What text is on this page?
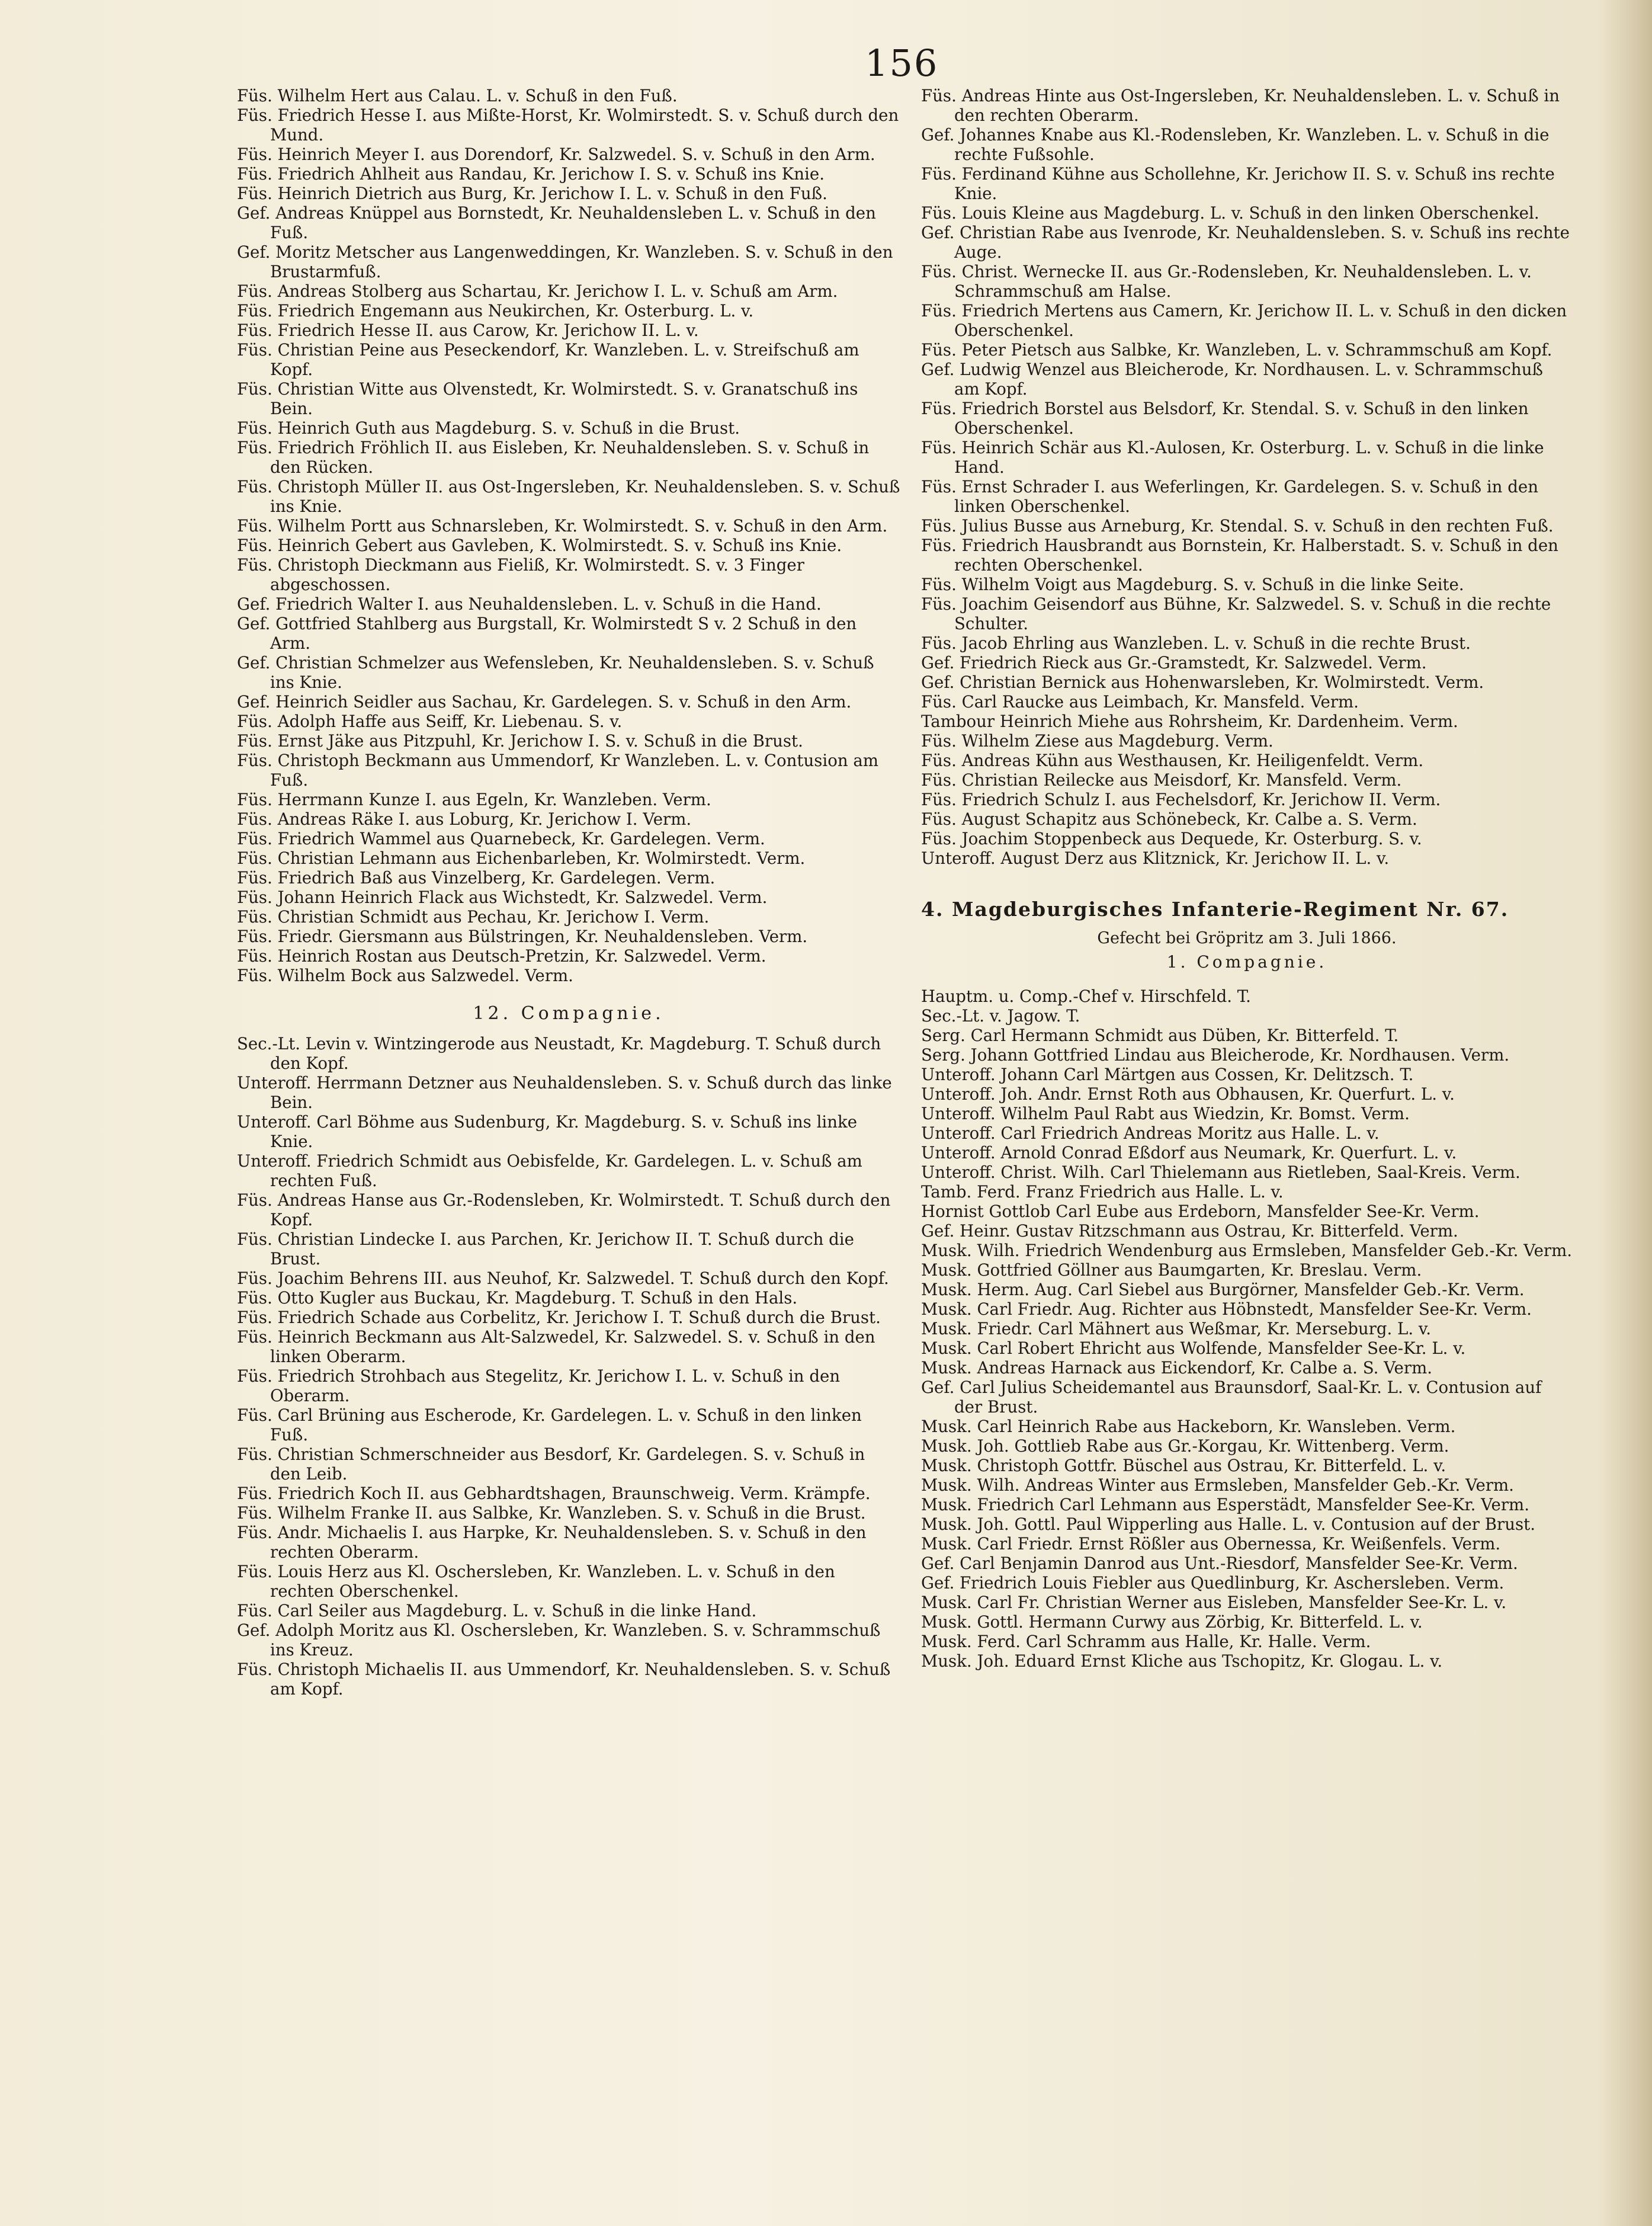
156

Füs. Wilhelm Hert aus Calau. L. v. Schuß in den Fuß.

Füs. Friedrich Hesse I. aus Mißte-Horst, Kr. Wolmirstedt. S. v. Schuß durch den Mund.

Füs. Heinrich Meyer I. aus Dorendorf, Kr. Salzwedel. S. v. Schuß in den Arm.

Füs. Friedrich Ahlheit aus Randau, Kr. Jerichow I. S. v. Schuß ins Knie.

Füs. Heinrich Dietrich aus Burg, Kr. Jerichow I. L. v. Schuß in den Fuß.

Gef. Andreas Knüppel aus Bornstedt, Kr. Neuhaldensleben L. v. Schuß in den Fuß.

Gef. Moritz Metscher aus Langenweddingen, Kr. Wanzleben. S. v. Schuß in den Brustarmfuß.

Füs. Andreas Stolberg aus Schartau, Kr. Jerichow I. L. v. Schuß am Arm.

Füs. Friedrich Engemann aus Neukirchen, Kr. Osterburg. L. v.

Füs. Friedrich Hesse II. aus Carow, Kr. Jerichow II. L. v.

Füs. Christian Peine aus Peseckendorf, Kr. Wanzleben. L. v. Streifschuß am Kopf.

Füs. Christian Witte aus Olvenstedt, Kr. Wolmirstedt. S. v. Granatschuß ins Bein.

Füs. Heinrich Guth aus Magdeburg. S. v. Schuß in die Brust.

Füs. Friedrich Fröhlich II. aus Eisleben, Kr. Neuhaldensleben. S. v. Schuß in den Rücken.

Füs. Christoph Müller II. aus Ost-Ingersleben, Kr. Neuhaldensleben. S. v. Schuß ins Knie.

Füs. Wilhelm Portt aus Schnarsleben, Kr. Wolmirstedt. S. v. Schuß in den Arm.

Füs. Heinrich Gebert aus Gavleben, K. Wolmirstedt. S. v. Schuß ins Knie.

Füs. Christoph Dieckmann aus Fieliß, Kr. Wolmirstedt. S. v. 3 Finger abgeschossen.

Gef. Friedrich Walter I. aus Neuhaldensleben. L. v. Schuß in die Hand.

Gef. Gottfried Stahlberg aus Burgstall, Kr. Wolmirstedt S v. 2 Schuß in den Arm.

Gef. Christian Schmelzer aus Wefensleben, Kr. Neuhaldensleben. S. v. Schuß ins Knie.

Gef. Heinrich Seidler aus Sachau, Kr. Gardelegen. S. v. Schuß in den Arm.

Füs. Adolph Haffe aus Seiff, Kr. Liebenau. S. v.

Füs. Ernst Jäke aus Pitzpuhl, Kr. Jerichow I. S. v. Schuß in die Brust.

Füs. Christoph Beckmann aus Ummendorf, Kr Wanzleben. L. v. Contusion am Fuß.

Füs. Herrmann Kunze I. aus Egeln, Kr. Wanzleben. Verm.

Füs. Andreas Räke I. aus Loburg, Kr. Jerichow I. Verm.

Füs. Friedrich Wammel aus Quarnebeck, Kr. Gardelegen. Verm.

Füs. Christian Lehmann aus Eichenbarleben, Kr. Wolmirstedt. Verm.

Füs. Friedrich Baß aus Vinzelberg, Kr. Gardelegen. Verm.

Füs. Johann Heinrich Flack aus Wichstedt, Kr. Salzwedel. Verm.

Füs. Christian Schmidt aus Pechau, Kr. Jerichow I. Verm.

Füs. Friedr. Giersmann aus Bülstringen, Kr. Neuhaldensleben. Verm.

Füs. Heinrich Rostan aus Deutsch-Pretzin, Kr. Salzwedel. Verm.

Füs. Wilhelm Bock aus Salzwedel. Verm.

12. Compagnie.

Sec.-Lt. Levin v. Wintzingerode aus Neustadt, Kr. Magdeburg. T. Schuß durch den Kopf.

Unteroff. Herrmann Detzner aus Neuhaldensleben. S. v. Schuß durch das linke Bein.

Unteroff. Carl Böhme aus Sudenburg, Kr. Magdeburg. S. v. Schuß ins linke Knie.

Unteroff. Friedrich Schmidt aus Oebisfelde, Kr. Gardelegen. L. v. Schuß am rechten Fuß.

Füs. Andreas Hanse aus Gr.-Rodensleben, Kr. Wolmirstedt. T. Schuß durch den Kopf.

Füs. Christian Lindecke I. aus Parchen, Kr. Jerichow II. T. Schuß durch die Brust.

Füs. Joachim Behrens III. aus Neuhof, Kr. Salzwedel. T. Schuß durch den Kopf.

Füs. Otto Kugler aus Buckau, Kr. Magdeburg. T. Schuß in den Hals.

Füs. Friedrich Schade aus Corbelitz, Kr. Jerichow I. T. Schuß durch die Brust.

Füs. Heinrich Beckmann aus Alt-Salzwedel, Kr. Salzwedel. S. v. Schuß in den linken Oberarm.

Füs. Friedrich Strohbach aus Stegelitz, Kr. Jerichow I. L. v. Schuß in den Oberarm.

Füs. Carl Brüning aus Escherode, Kr. Gardelegen. L. v. Schuß in den linken Fuß.

Füs. Christian Schmerschneider aus Besdorf, Kr. Gardelegen. S. v. Schuß in den Leib.

Füs. Friedrich Koch II. aus Gebhardtshagen, Braunschweig. Verm. Krämpfe.

Füs. Wilhelm Franke II. aus Salbke, Kr. Wanzleben. S. v. Schuß in die Brust.

Füs. Andr. Michaelis I. aus Harpke, Kr. Neuhaldensleben. S. v. Schuß in den rechten Oberarm.

Füs. Louis Herz aus Kl. Oschersleben, Kr. Wanzleben. L. v. Schuß in den rechten Oberschenkel.

Füs. Carl Seiler aus Magdeburg. L. v. Schuß in die linke Hand.

Gef. Adolph Moritz aus Kl. Oschersleben, Kr. Wanzleben. S. v. Schrammschuß ins Kreuz.

Füs. Christoph Michaelis II. aus Ummendorf, Kr. Neuhaldensleben. S. v. Schuß am Kopf.

Füs. Andreas Hinte aus Ost-Ingersleben, Kr. Neuhaldensleben. L. v. Schuß in den rechten Oberarm.

Gef. Johannes Knabe aus Kl.-Rodensleben, Kr. Wanzleben. L. v. Schuß in die rechte Fußsohle.

Füs. Ferdinand Kühne aus Schollehne, Kr. Jerichow II. S. v. Schuß ins rechte Knie.

Füs. Louis Kleine aus Magdeburg. L. v. Schuß in den linken Oberschenkel.

Gef. Christian Rabe aus Ivenrode, Kr. Neuhaldensleben. S. v. Schuß ins rechte Auge.

Füs. Christ. Wernecke II. aus Gr.-Rodensleben, Kr. Neuhaldensleben. L. v. Schrammschuß am Halse.

Füs. Friedrich Mertens aus Camern, Kr. Jerichow II. L. v. Schuß in den dicken Oberschenkel.

Füs. Peter Pietsch aus Salbke, Kr. Wanzleben, L. v. Schrammschuß am Kopf.

Gef. Ludwig Wenzel aus Bleicherode, Kr. Nordhausen. L. v. Schrammschuß am Kopf.

Füs. Friedrich Borstel aus Belsdorf, Kr. Stendal. S. v. Schuß in den linken Oberschenkel.

Füs. Heinrich Schär aus Kl.-Aulosen, Kr. Osterburg. L. v. Schuß in die linke Hand.

Füs. Ernst Schrader I. aus Weferlingen, Kr. Gardelegen. S. v. Schuß in den linken Oberschenkel.

Füs. Julius Busse aus Arneburg, Kr. Stendal. S. v. Schuß in den rechten Fuß.

Füs. Friedrich Hausbrandt aus Bornstein, Kr. Halberstadt. S. v. Schuß in den rechten Oberschenkel.

Füs. Wilhelm Voigt aus Magdeburg. S. v. Schuß in die linke Seite.

Füs. Joachim Geisendorf aus Bühne, Kr. Salzwedel. S. v. Schuß in die rechte Schulter.

Füs. Jacob Ehrling aus Wanzleben. L. v. Schuß in die rechte Brust.

Gef. Friedrich Rieck aus Gr.-Gramstedt, Kr. Salzwedel. Verm.

Gef. Christian Bernick aus Hohenwarsleben, Kr. Wolmirstedt. Verm.

Füs. Carl Raucke aus Leimbach, Kr. Mansfeld. Verm.

Tambour Heinrich Miehe aus Rohrsheim, Kr. Dardenheim. Verm.

Füs. Wilhelm Ziese aus Magdeburg. Verm.

Füs. Andreas Kühn aus Westhausen, Kr. Heiligenfeldt. Verm.

Füs. Christian Reilecke aus Meisdorf, Kr. Mansfeld. Verm.

Füs. Friedrich Schulz I. aus Fechelsdorf, Kr. Jerichow II. Verm.

Füs. August Schapitz aus Schönebeck, Kr. Calbe a. S. Verm.

Füs. Joachim Stoppenbeck aus Dequede, Kr. Osterburg. S. v.

Unteroff. August Derz aus Klitznick, Kr. Jerichow II. L. v.

4. Magdeburgisches Infanterie-Regiment Nr. 67.
Gefecht bei Gröpritz am 3. Juli 1866.
1. Compagnie.

Hauptm. u. Comp.-Chef v. Hirschfeld. T.

Sec.-Lt. v. Jagow. T.

Serg. Carl Hermann Schmidt aus Düben, Kr. Bitterfeld. T.

Serg. Johann Gottfried Lindau aus Bleicherode, Kr. Nordhausen. Verm.

Unteroff. Johann Carl Märtgen aus Cossen, Kr. Delitzsch. T.

Unteroff. Joh. Andr. Ernst Roth aus Obhausen, Kr. Querfurt. L. v.

Unteroff. Wilhelm Paul Rabt aus Wiedzin, Kr. Bomst. Verm.

Unteroff. Carl Friedrich Andreas Moritz aus Halle. L. v.

Unteroff. Arnold Conrad Eßdorf aus Neumark, Kr. Querfurt. L. v.

Unteroff. Christ. Wilh. Carl Thielemann aus Rietleben, Saal-Kreis. Verm.

Tamb. Ferd. Franz Friedrich aus Halle. L. v.

Hornist Gottlob Carl Eube aus Erdeborn, Mansfelder See-Kr. Verm.

Gef. Heinr. Gustav Ritzschmann aus Ostrau, Kr. Bitterfeld. Verm.

Musk. Wilh. Friedrich Wendenburg aus Ermsleben, Mansfelder Geb.-Kr. Verm.

Musk. Gottfried Göllner aus Baumgarten, Kr. Breslau. Verm.

Musk. Herm. Aug. Carl Siebel aus Burgörner, Mansfelder Geb.-Kr. Verm.

Musk. Carl Friedr. Aug. Richter aus Höbnstedt, Mansfelder See-Kr. Verm.

Musk. Friedr. Carl Mähnert aus Weßmar, Kr. Merseburg. L. v.

Musk. Carl Robert Ehricht aus Wolfende, Mansfelder See-Kr. L. v.

Musk. Andreas Harnack aus Eickendorf, Kr. Calbe a. S. Verm.

Gef. Carl Julius Scheidemantel aus Braunsdorf, Saal-Kr. L. v. Contusion auf der Brust.

Musk. Carl Heinrich Rabe aus Hackeborn, Kr. Wansleben. Verm.

Musk. Joh. Gottlieb Rabe aus Gr.-Korgau, Kr. Wittenberg. Verm.

Musk. Christoph Gottfr. Büschel aus Ostrau, Kr. Bitterfeld. L. v.

Musk. Wilh. Andreas Winter aus Ermsleben, Mansfelder Geb.-Kr. Verm.

Musk. Friedrich Carl Lehmann aus Esperstädt, Mansfelder See-Kr. Verm.

Musk. Joh. Gottl. Paul Wipperling aus Halle. L. v. Contusion auf der Brust.

Musk. Carl Friedr. Ernst Rößler aus Obernessa, Kr. Weißenfels. Verm.

Gef. Carl Benjamin Danrod aus Unt.-Riesdorf, Mansfelder See-Kr. Verm.

Gef. Friedrich Louis Fiebler aus Quedlinburg, Kr. Aschersleben. Verm.

Musk. Carl Fr. Christian Werner aus Eisleben, Mansfelder See-Kr. L. v.

Musk. Gottl. Hermann Curwy aus Zörbig, Kr. Bitterfeld. L. v.

Musk. Ferd. Carl Schramm aus Halle, Kr. Halle. Verm.

Musk. Joh. Eduard Ernst Kliche aus Tschopitz, Kr. Glogau. L. v.
